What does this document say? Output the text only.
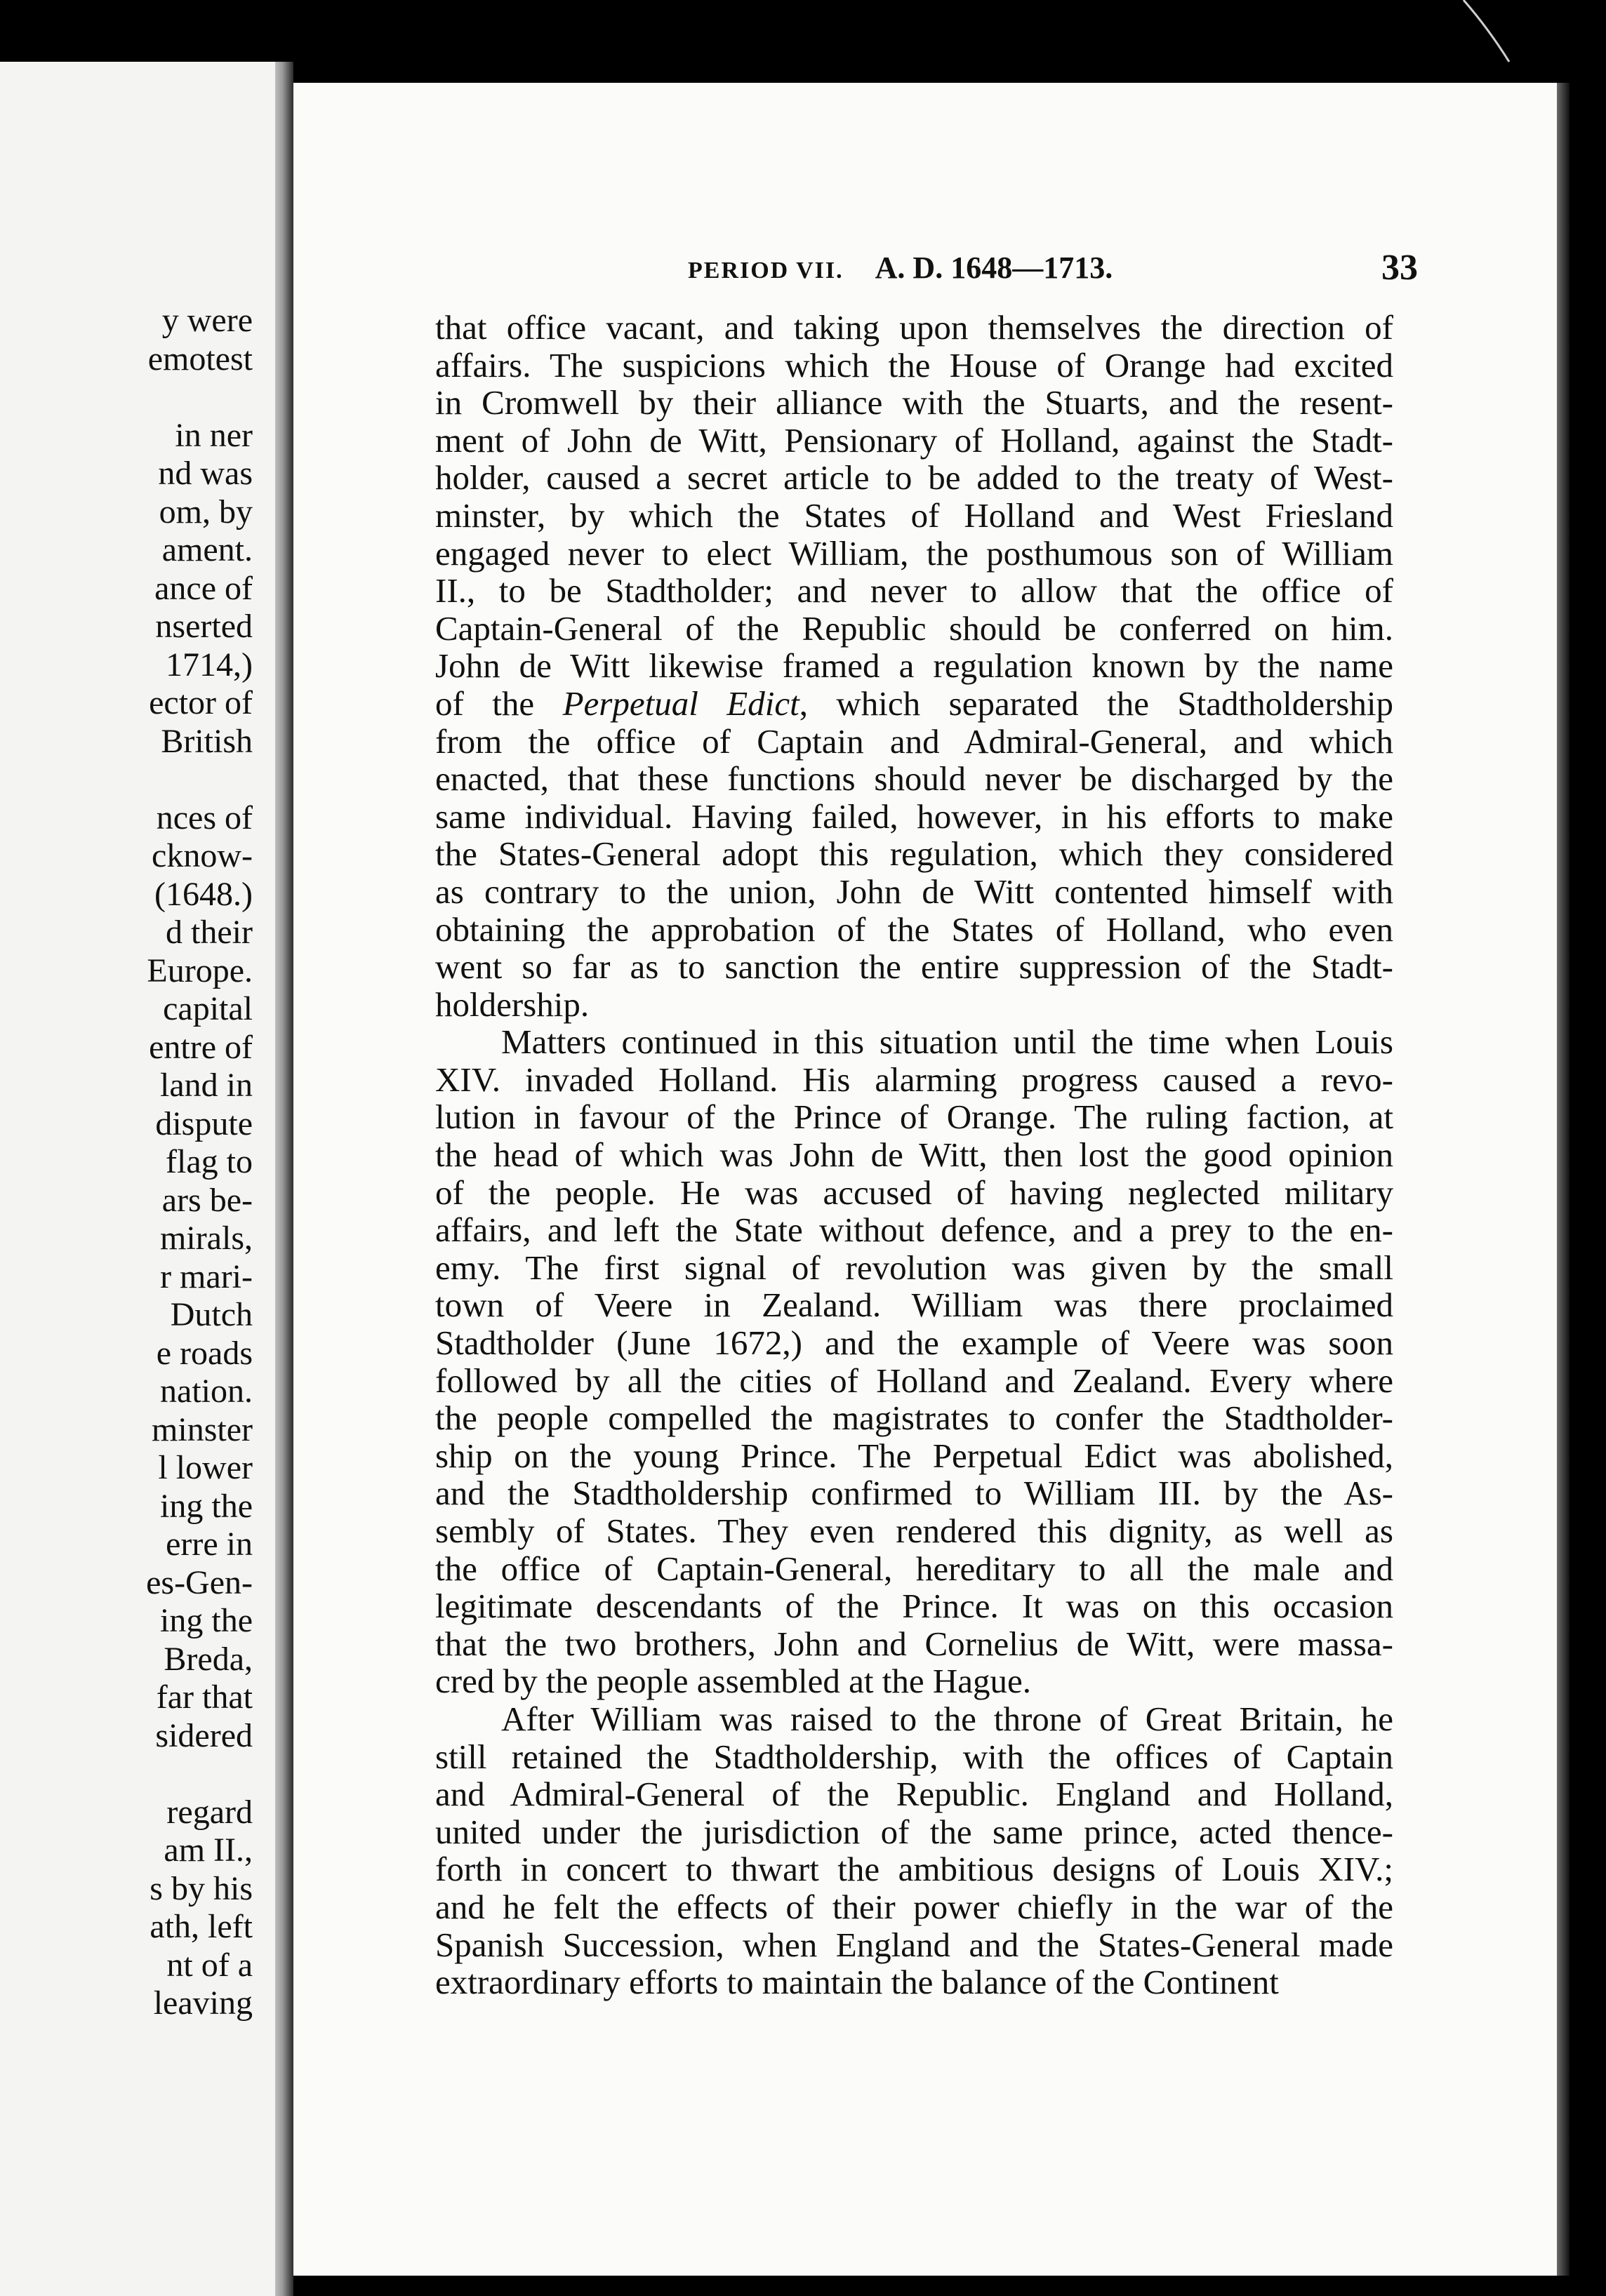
y were
emotest
in ner
nd was
om, by
ament.
ance of
nserted
1714,)
ector of
British
nces of
cknow-
(1648.)
d their
Europe.
capital
entre of
land in
dispute
flag to
ars be-
mirals,
r mari-
Dutch
e roads
nation.
minster
l lower
ing the
erre in
es-Gen-
ing the
Breda,
far that
sidered
regard
am II.,
s by his
ath, left
nt of a
leaving
PERIOD VII. A. D. 1648—1713.	33
that office vacant, and taking upon themselves the direction of
affairs. The suspicions which the House of Orange had excited
in Cromwell by their alliance with the Stuarts, and the resent-
ment of John de Witt, Pensionary of Holland, against the Stadt-
holder, caused a secret article to be added to the treaty of West-
minster, by which the States of Holland and West Friesland
engaged never to elect William, the posthumous son of William
II., to be Stadtholder; and never to allow that the office of
Captain-General of the Republic should be conferred on him.
John de Witt likewise framed a regulation known by the name
of the Perpetual Edict, which separated the Stadtholdership
from the office of Captain and Admiral-General, and which
enacted, that these functions should never be discharged by the
same individual. Having failed, however, in his efforts to make
the States-General adopt this regulation, which they considered
as contrary to the union, John de Witt contented himself with
obtaining the approbation of the States of Holland, who even
went so far as to sanction the entire suppression of the Stadt-
holdership.
Matters continued in this situation until the time when Louis
XIV. invaded Holland. His alarming progress caused a revo-
lution in favour of the Prince of Orange. The ruling faction, at
the head of which was John de Witt, then lost the good opinion
of the people. He was accused of having neglected military
affairs, and left the State without defence, and a prey to the en-
emy. The first signal of revolution was given by the small
town of Veere in Zealand. William was there proclaimed
Stadtholder (June 1672,) and the example of Veere was soon
followed by all the cities of Holland and Zealand. Every where
the people compelled the magistrates to confer the Stadtholder-
ship on the young Prince. The Perpetual Edict was abolished,
and the Stadtholdership confirmed to William III. by the As-
sembly of States. They even rendered this dignity, as well as
the office of Captain-General, hereditary to all the male and
legitimate descendants of the Prince. It was on this occasion
that the two brothers, John and Cornelius de Witt, were massa-
cred by the people assembled at the Hague.
After William was raised to the throne of Great Britain, he
still retained the Stadtholdership, with the offices of Captain
and Admiral-General of the Republic. England and Holland,
united under the jurisdiction of the same prince, acted thence-
forth in concert to thwart the ambitious designs of Louis XIV.;
and he felt the effects of their power chiefly in the war of the
Spanish Succession, when England and the States-General made
extraordinary efforts to maintain the balance of the Continent
